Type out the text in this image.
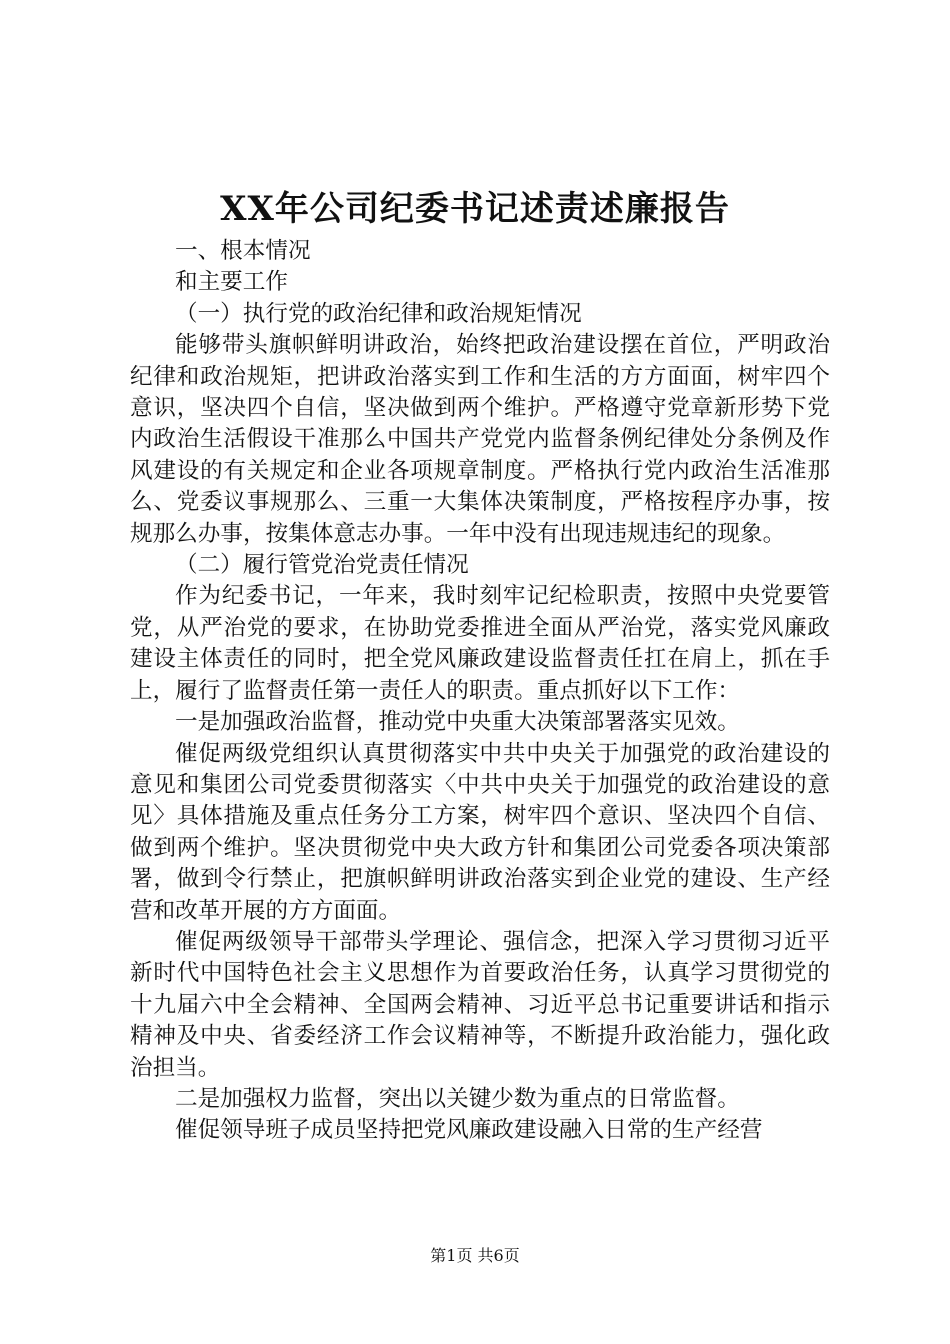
XX年公司纪委书记述责述廉报告

一、根本情况

和主要工作

（一）执行党的政治纪律和政治规矩情况

能够带头旗帜鲜明讲政治，始终把政治建设摆在首位，严明政治纪律和政治规矩，把讲政治落实到工作和生活的方方面面，树牢四个意识，坚决四个自信，坚决做到两个维护。严格遵守党章新形势下党内政治生活假设干准那么中国共产党党内监督条例纪律处分条例及作风建设的有关规定和企业各项规章制度。严格执行党内政治生活准那么、党委议事规那么、三重一大集体决策制度，严格按程序办事，按规那么办事，按集体意志办事。一年中没有出现违规违纪的现象。

（二）履行管党治党责任情况

作为纪委书记，一年来，我时刻牢记纪检职责，按照中央党要管党，从严治党的要求，在协助党委推进全面从严治党，落实党风廉政建设主体责任的同时，把全党风廉政建设监督责任扛在肩上，抓在手上，履行了监督责任第一责任人的职责。重点抓好以下工作：

一是加强政治监督，推动党中央重大决策部署落实见效。

催促两级党组织认真贯彻落实中共中央关于加强党的政治建设的意见和集团公司党委贯彻落实〈中共中央关于加强党的政治建设的意见〉具体措施及重点任务分工方案，树牢四个意识、坚决四个自信、做到两个维护。坚决贯彻党中央大政方针和集团公司党委各项决策部署，做到令行禁止，把旗帜鲜明讲政治落实到企业党的建设、生产经营和改革开展的方方面面。

催促两级领导干部带头学理论、强信念，把深入学习贯彻习近平新时代中国特色社会主义思想作为首要政治任务，认真学习贯彻党的十九届六中全会精神、全国两会精神、习近平总书记重要讲话和指示精神及中央、省委经济工作会议精神等，不断提升政治能力，强化政治担当。

二是加强权力监督，突出以关键少数为重点的日常监督。

催促领导班子成员坚持把党风廉政建设融入日常的生产经营

第1页 共6页
